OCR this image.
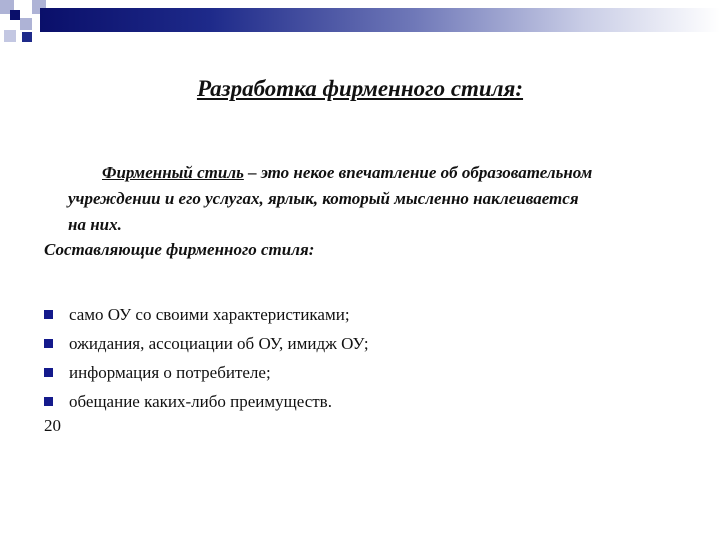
Разработка фирменного стиля:
Фирменный стиль – это некое впечатление об образовательном
учреждении и его услугах, ярлык, который мысленно наклеивается
на них.
Составляющие фирменного стиля:
само ОУ со своими характеристиками;
ожидания, ассоциации об ОУ, имидж ОУ;
информация о потребителе;
обещание каких-либо преимуществ.
20
